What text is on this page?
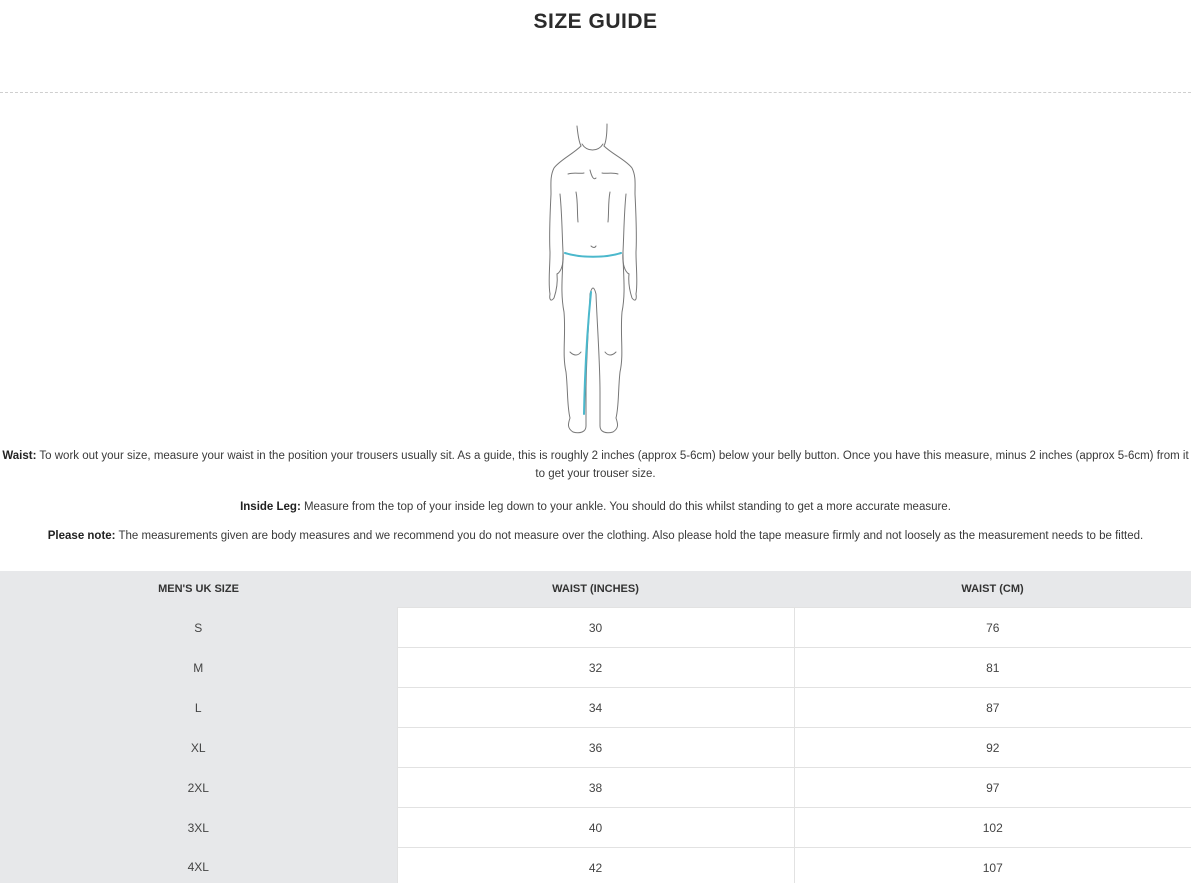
SIZE GUIDE
Waist: To work out your size, measure your waist in the position your trousers usually sit. As a guide, this is roughly 2 inches (approx 5-6cm) below your belly button. Once you have this measure, minus 2 inches (approx 5-6cm) from it to get your trouser size.
Inside Leg: Measure from the top of your inside leg down to your ankle. You should do this whilst standing to get a more accurate measure.
Please note: The measurements given are body measures and we recommend you do not measure over the clothing. Also please hold the tape measure firmly and not loosely as the measurement needs to be fitted.
MEN'S UK SIZE	WAIST (INCHES)	WAIST (CM)
S	30	76
M	32	81
L	34	87
XL	36	92
2XL	38	97
3XL	40	102
4XL	42	107
